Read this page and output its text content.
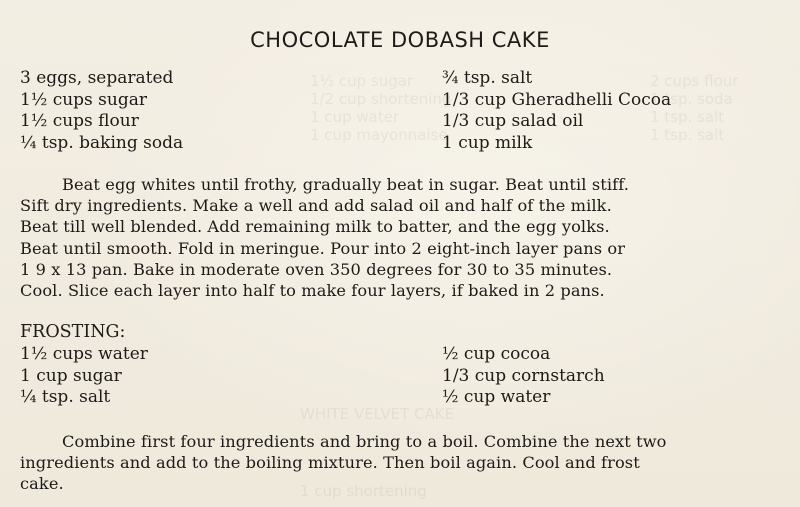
2 cups flour
1 tsp. soda
1 tsp. salt
1 tsp. salt
1½ cup sugar
1/2 cup shortening
1 cup water
1 cup mayonnaise
WHITE VELVET CAKE
1 cup shortening
CHOCOLATE DOBASH CAKE
3 eggs, separated
1½ cups sugar
1½ cups flour
¼ tsp. baking soda
¾ tsp. salt
1/3 cup Gheradhelli Cocoa
1/3 cup salad oil
1 cup milk
Beat egg whites until frothy, gradually beat in sugar. Beat until stiff.
Sift dry ingredients. Make a well and add salad oil and half of the milk.
Beat till well blended. Add remaining milk to batter, and the egg yolks.
Beat until smooth. Fold in meringue. Pour into 2 eight-inch layer pans or
1 9 x 13 pan. Bake in moderate oven 350 degrees for 30 to 35 minutes.
Cool. Slice each layer into half to make four layers, if baked in 2 pans.
FROSTING:
1½ cups water
1 cup sugar
¼ tsp. salt
½ cup cocoa
1/3 cup cornstarch
½ cup water
Combine first four ingredients and bring to a boil. Combine the next two
ingredients and add to the boiling mixture. Then boil again. Cool and frost
cake.
